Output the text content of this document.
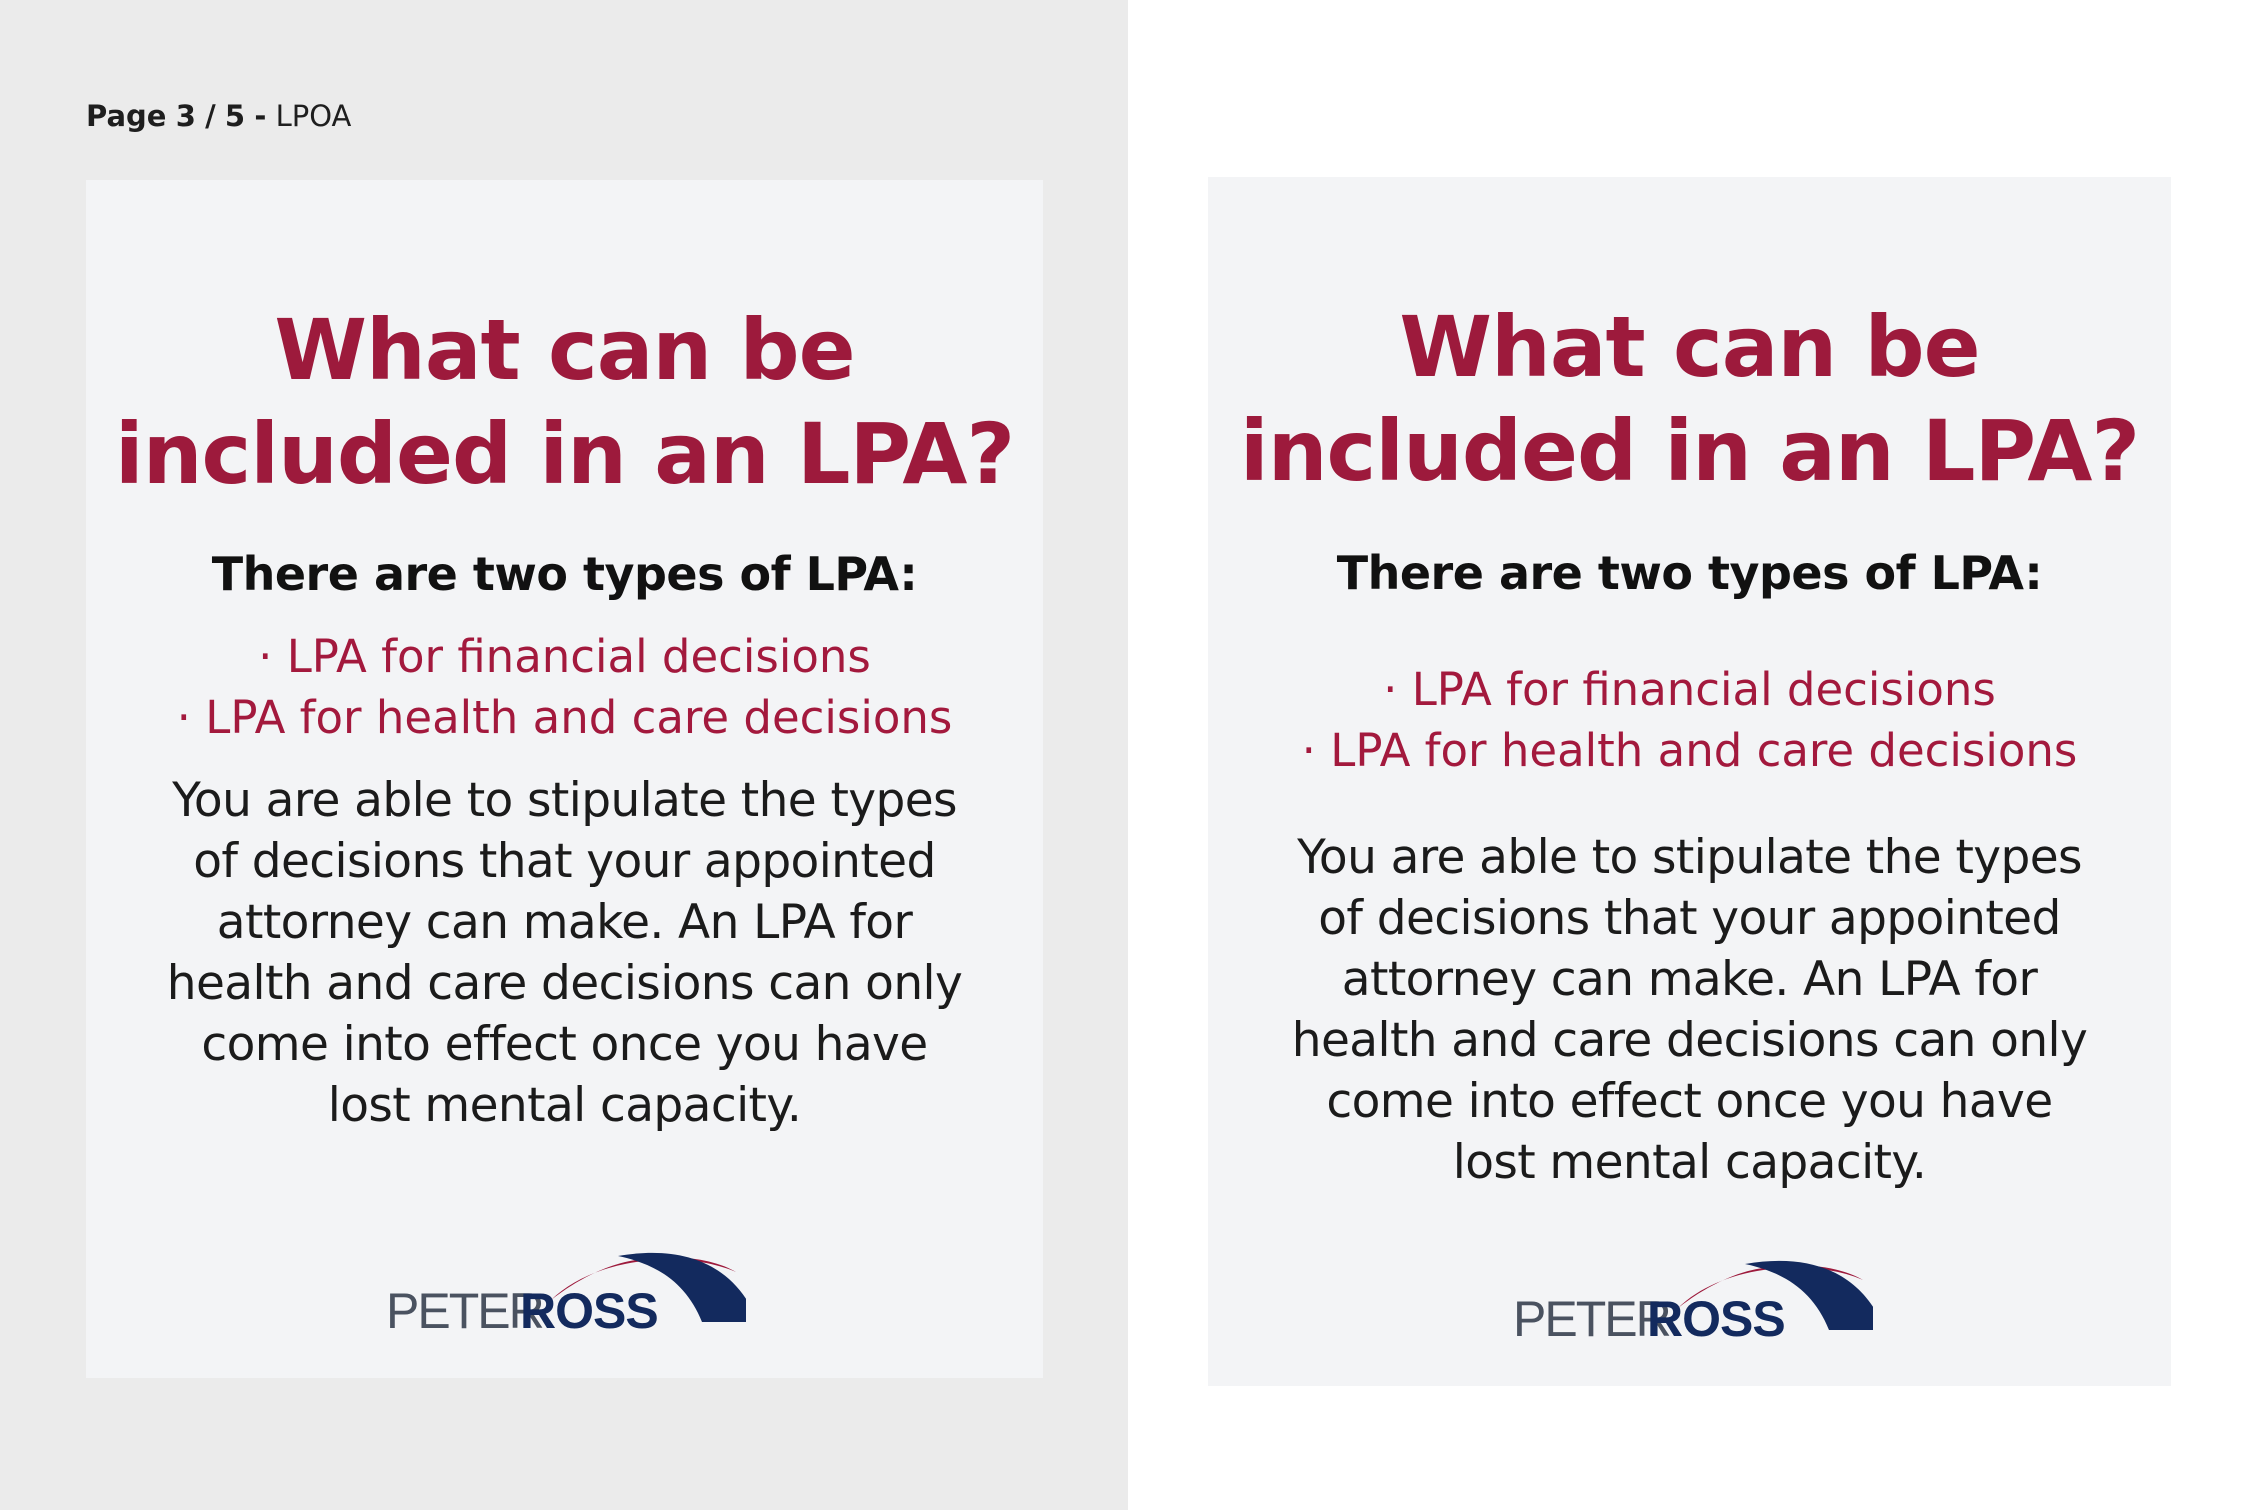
Page 3 / 5 - LPOA
What can be
included in an LPA?

There are two types of LPA:

· LPA for financial decisions
· LPA for health and care decisions

You are able to stipulate the types
of decisions that your appointed
attorney can make. An LPA for
health and care decisions can only
come into effect once you have
lost mental capacity.

PETER
ROSS
What can be
included in an LPA?

There are two types of LPA:

· LPA for financial decisions
· LPA for health and care decisions

You are able to stipulate the types
of decisions that your appointed
attorney can make. An LPA for
health and care decisions can only
come into effect once you have
lost mental capacity.

PETER
ROSS
